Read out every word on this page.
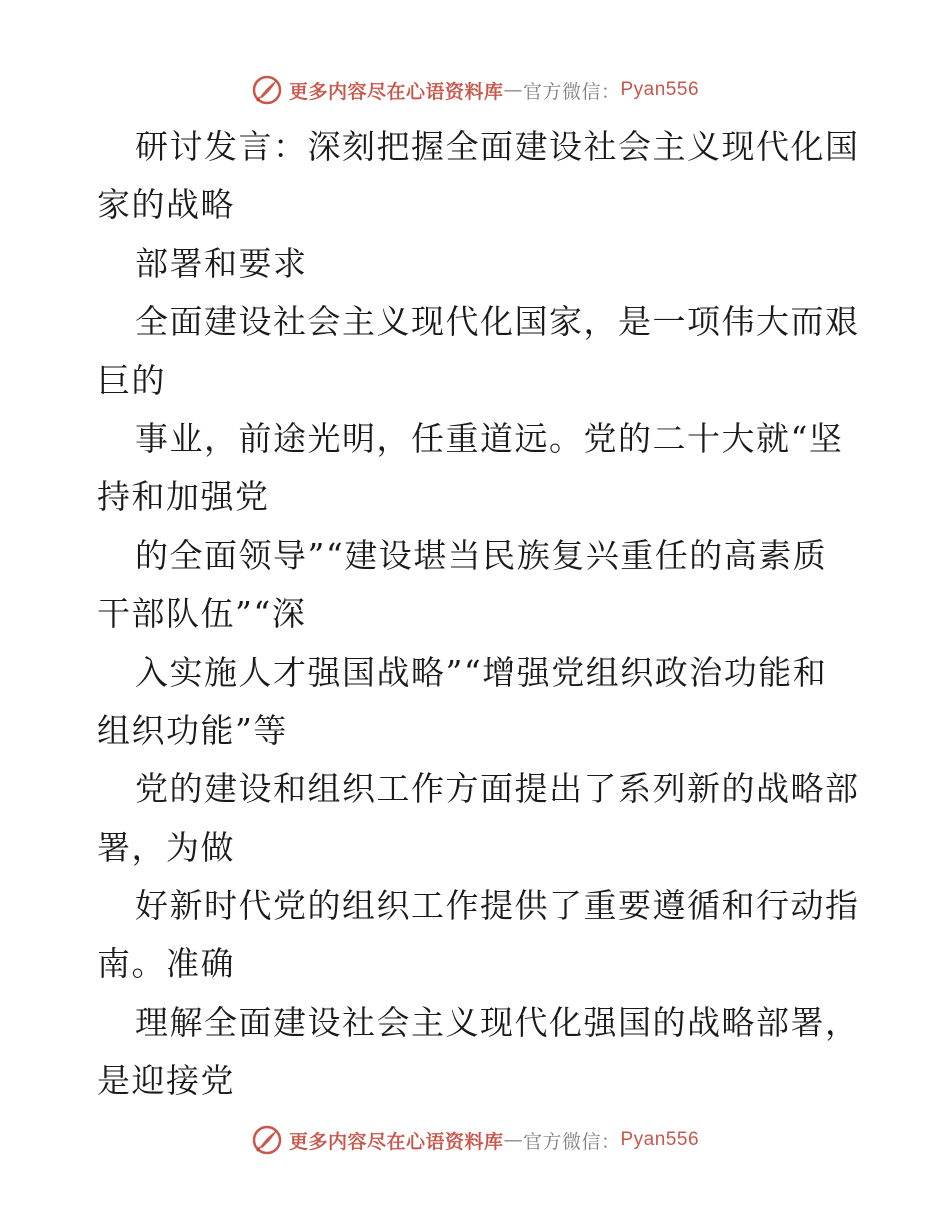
更多内容尽在心语资料库 — 官方微信： Pyan556
研讨发言：深刻把握全面建设社会主义现代化国
家的战略
部署和要求
全面建设社会主义现代化国家，是一项伟大而艰
巨的
事业，前途光明，任重道远。党的二十大就“坚
持和加强党
的全面领导”“建设堪当民族复兴重任的高素质
干部队伍”“深
入实施人才强国战略”“增强党组织政治功能和
组织功能”等
党的建设和组织工作方面提出了系列新的战略部
署，为做
好新时代党的组织工作提供了重要遵循和行动指
南。准确
理解全面建设社会主义现代化强国的战略部署，
是迎接党
更多内容尽在心语资料库 — 官方微信： Pyan556
